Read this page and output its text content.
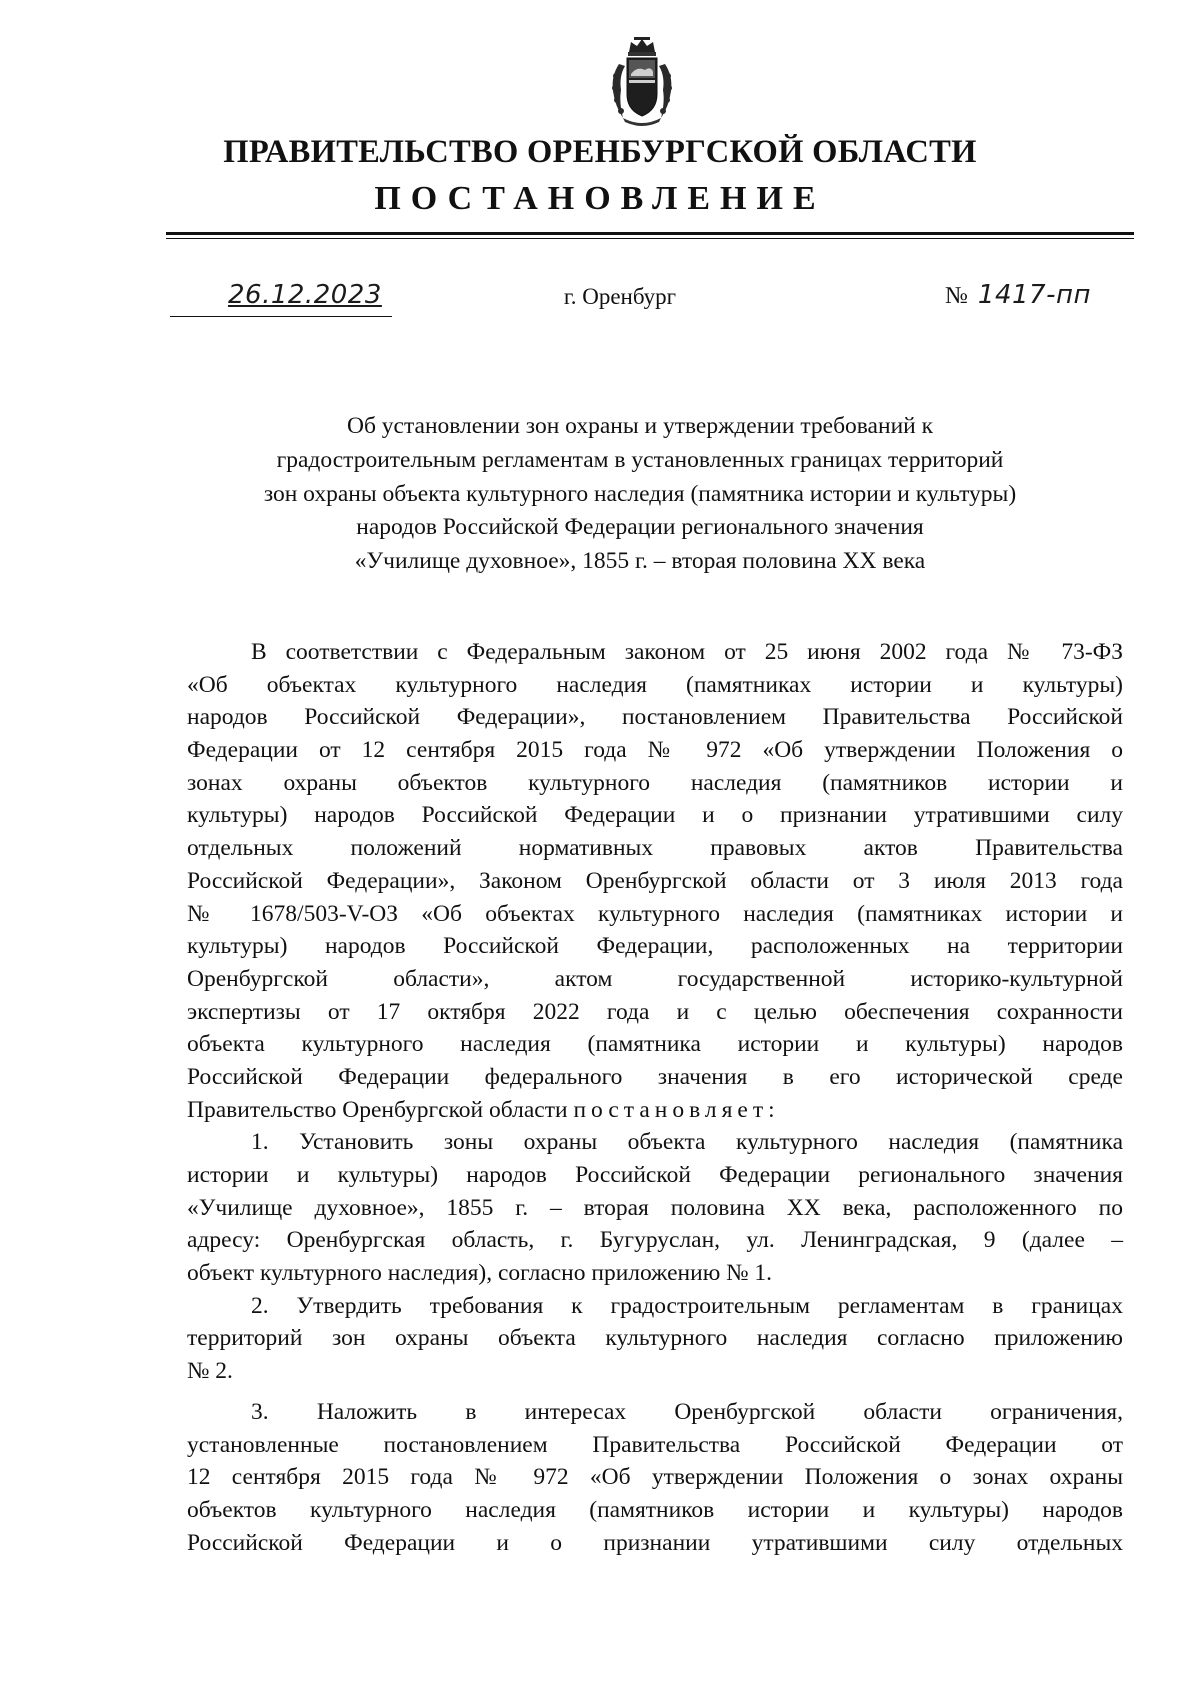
ПРАВИТЕЛЬСТВО ОРЕНБУРГСКОЙ ОБЛАСТИ
ПОСТАНОВЛЕНИЕ
26.12.2023	г. Оренбург	№ 1417-пп
Об установлении зон охраны и утверждении требований к
градостроительным регламентам в установленных границах территорий
зон охраны объекта культурного наследия (памятника истории и культуры)
народов Российской Федерации регионального значения
«Училище духовное», 1855 г. – вторая половина XX века
В соответствии с Федеральным законом от 25 июня 2002 года № 73-ФЗ
«Об объектах культурного наследия (памятниках истории и культуры)
народов Российской Федерации», постановлением Правительства Российской
Федерации от 12 сентября 2015 года № 972 «Об утверждении Положения о
зонах охраны объектов культурного наследия (памятников истории и
культуры) народов Российской Федерации и о признании утратившими силу
отдельных положений нормативных правовых актов Правительства
Российской Федерации», Законом Оренбургской области от 3 июля 2013 года
№ 1678/503-V-ОЗ «Об объектах культурного наследия (памятниках истории и
культуры) народов Российской Федерации, расположенных на территории
Оренбургской области», актом государственной историко-культурной
экспертизы от 17 октября 2022 года и с целью обеспечения сохранности
объекта культурного наследия (памятника истории и культуры) народов
Российской Федерации федерального значения в его исторической среде
Правительство Оренбургской области постановляет:
1. Установить зоны охраны объекта культурного наследия (памятника
истории и культуры) народов Российской Федерации регионального значения
«Училище духовное», 1855 г. – вторая половина XX века, расположенного по
адресу: Оренбургская область, г. Бугуруслан, ул. Ленинградская, 9 (далее –
объект культурного наследия), согласно приложению № 1.
2. Утвердить требования к градостроительным регламентам в границах
территорий зон охраны объекта культурного наследия согласно приложению
№ 2.
3. Наложить в интересах Оренбургской области ограничения,
установленные постановлением Правительства Российской Федерации от
12 сентября 2015 года № 972 «Об утверждении Положения о зонах охраны
объектов культурного наследия (памятников истории и культуры) народов
Российской Федерации и о признании утратившими силу отдельных
